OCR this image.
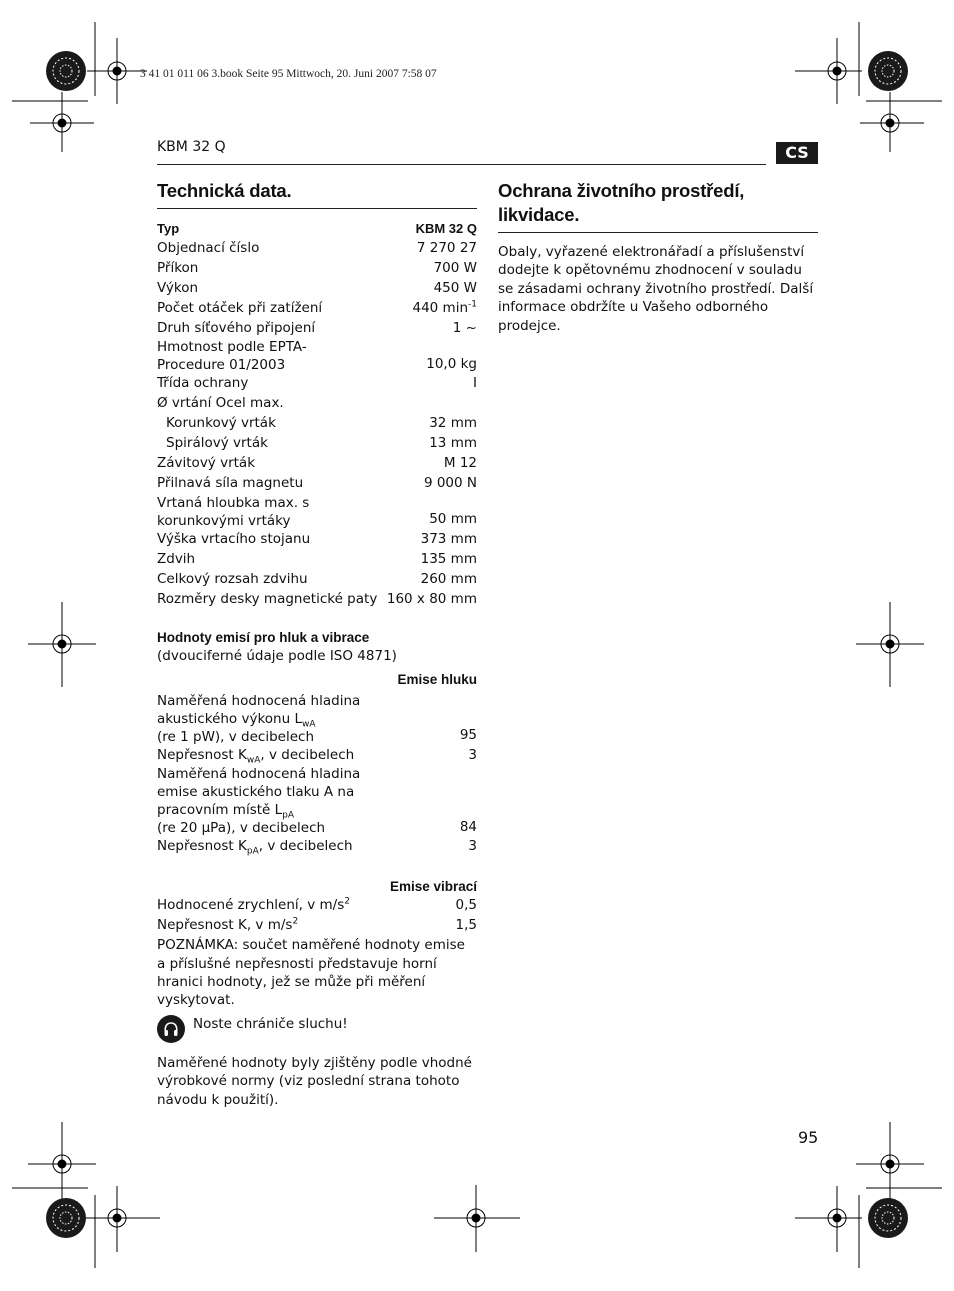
3 41 01 011 06 3.book Seite 95 Mittwoch, 20. Juni 2007 7:58 07
KBM 32 Q	CS
Technická data.
Typ	KBM 32 Q
Objednací číslo	7 270 27
Příkon	700 W
Výkon	450 W
Počet otáček při zatížení	440 $\min^{-1}$
Druh síťového připojení	1 ~
Hmotnost podle EPTA-
Procedure 01/2003	10,0 kg
Třída ochrany	I
Ø vrtání Ocel max.
Korunkový vrták	32 mm
Spirálový vrták	13 mm
Závitový vrták	M 12
Přilnavá síla magnetu	9 000 N
Vrtaná hloubka max. s
korunkovými vrtáky	50 mm
Výška vrtacího stojanu	373 mm
Zdvih	135 mm
Celkový rozsah zdvihu	260 mm
Rozměry desky magnetické paty 160 x 80 mm
Hodnoty emisí pro hluk a vibrace
(dvouciferné údaje podle ISO 4871)
Emise hluku
Naměřená hodnocená hladina
akustického výkonu $L_{wA}$
(re 1 pW), v decibelech	95
Nepřesnost $K_{wA}$, v decibelech	3
Naměřená hodnocená hladina
emise akustického tlaku A na
pracovním místě $L_{pA}$
(re 20 µPa), v decibelech	84
Nepřesnost $K_{pA}$, v decibelech	3
Emise vibrací
Hodnocené zrychlení, v $m/s^2$	0,5
Nepřesnost K, v $m/s^2$	1,5
POZNÁMKA: součet naměřené hodnoty emise a příslušné nepřesnosti představuje horní hranici hodnoty, jež se může při měření vyskytovat.
Noste chrániče sluchu!
Naměřené hodnoty byly zjištěny podle vhodné výrobkové normy (viz poslední strana tohoto návodu k použití).
Ochrana životního prostředí,
likvidace.
Obaly, vyřazené elektronářadí a příslušenství dodejte k opětovnému zhodnocení v souladu se zásadami ochrany životního prostředí. Další informace obdržíte u Vašeho odborného prodejce.
95
